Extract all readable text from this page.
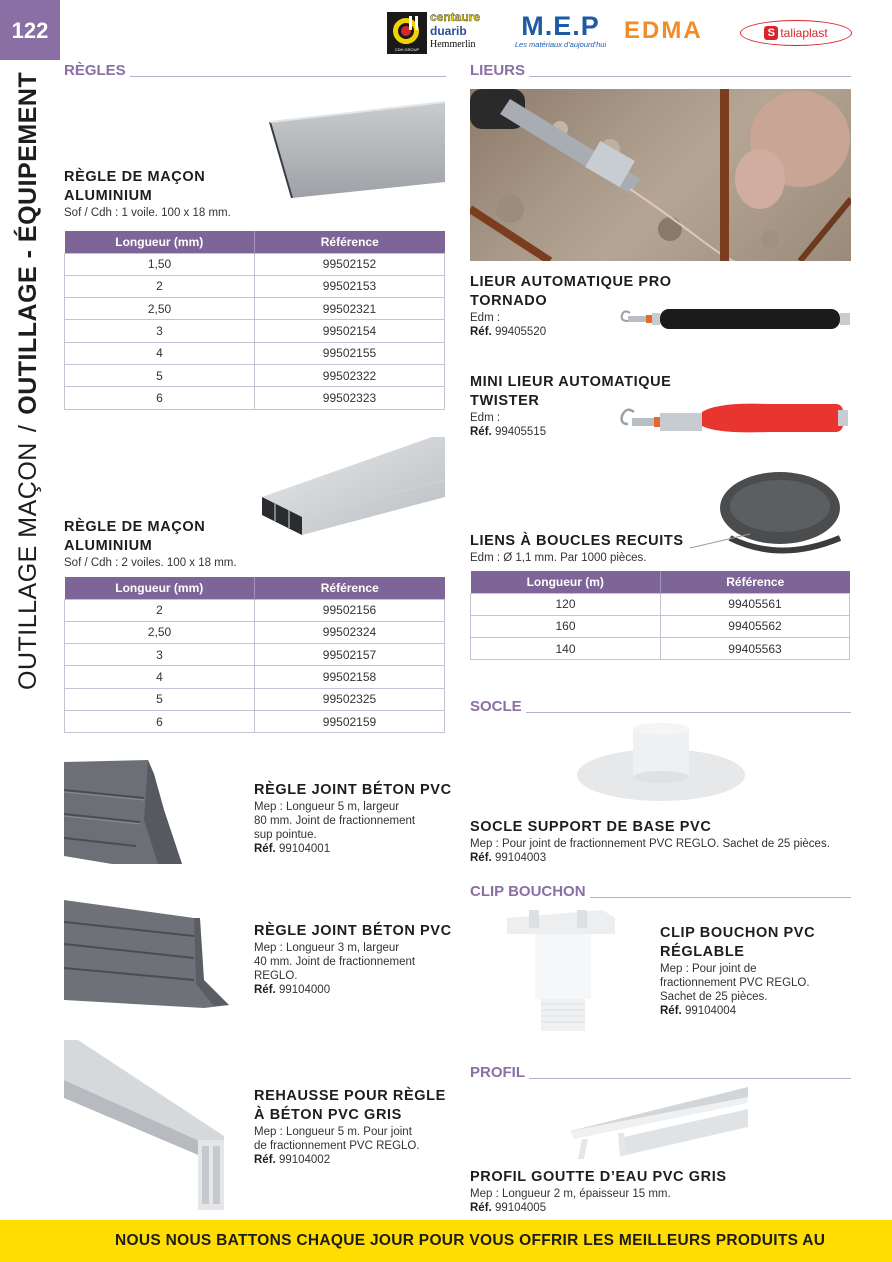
122
OUTILLAGE MAÇON/OUTILLAGE - ÉQUIPEMENT
CDH GROUP
centaure
duarib
Hemmerlin
M.E.P
Les matériaux d'aujourd'hui
EDMA	S taliaplast
RÈGLES
RÈGLE DE MAÇON
ALUMINIUM
Sof / Cdh : 1 voile. 100 x 18 mm.
Longueur (mm)	Référence
1,50	99502152
2	99502153
2,50	99502321
3	99502154
4	99502155
5	99502322
6	99502323
RÈGLE DE MAÇON
ALUMINIUM
Sof / Cdh : 2 voiles. 100 x 18 mm.
Longueur (mm)	Référence
2	99502156
2,50	99502324
3	99502157
4	99502158
5	99502325
6	99502159
RÈGLE JOINT BÉTON PVC
Mep : Longueur 5 m, largeur
80 mm. Joint de fractionnement
sup pointue.
Réf. 99104001
RÈGLE JOINT BÉTON PVC
Mep : Longueur 3 m, largeur
40 mm. Joint de fractionnement
REGLO.
Réf. 99104000
REHAUSSE POUR RÈGLE
À BÉTON PVC GRIS
Mep : Longueur 5 m. Pour joint
de fractionnement PVC REGLO.
Réf. 99104002
LIEURS
LIEUR AUTOMATIQUE PRO
TORNADO
Edm :
Réf. 99405520
MINI LIEUR AUTOMATIQUE
TWISTER
Edm :
Réf. 99405515
LIENS À BOUCLES RECUITS
Edm : Ø 1,1 mm. Par 1000 pièces.
Longueur (m)	Référence
120	99405561
160	99405562
140	99405563
SOCLE
SOCLE SUPPORT DE BASE PVC
Mep : Pour joint de fractionnement PVC REGLO. Sachet de 25 pièces.
Réf. 99104003
CLIP BOUCHON
CLIP BOUCHON PVC
RÉGLABLE
Mep : Pour joint de
fractionnement PVC REGLO.
Sachet de 25 pièces.
Réf. 99104004
PROFIL
PROFIL GOUTTE D’EAU PVC GRIS
Mep : Longueur 2 m, épaisseur 15 mm.
Réf. 99104005
NOUS NOUS BATTONS CHAQUE JOUR POUR VOUS OFFRIR LES MEILLEURS PRODUITS AU
